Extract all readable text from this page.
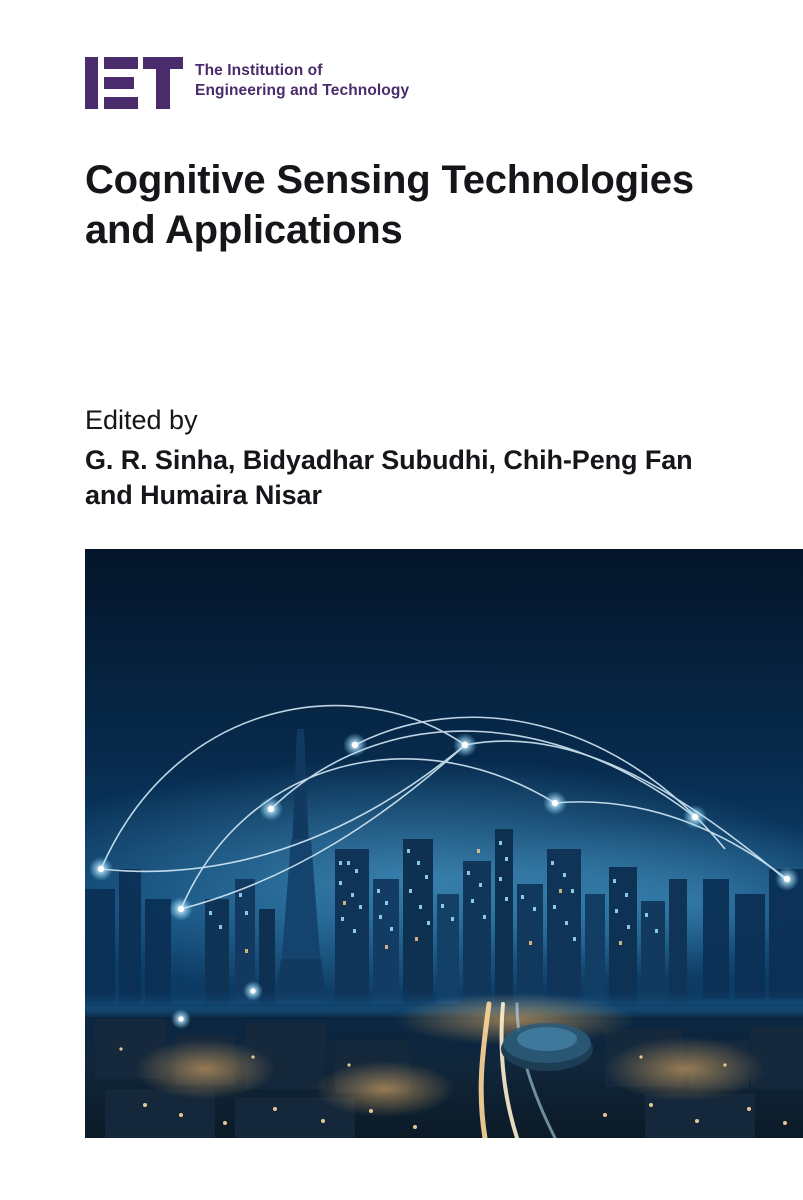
The Institution of
Engineering and Technology
Cognitive Sensing Technologies
and Applications
Edited by
G. R. Sinha, Bidyadhar Subudhi, Chih-Peng Fan
and Humaira Nisar
